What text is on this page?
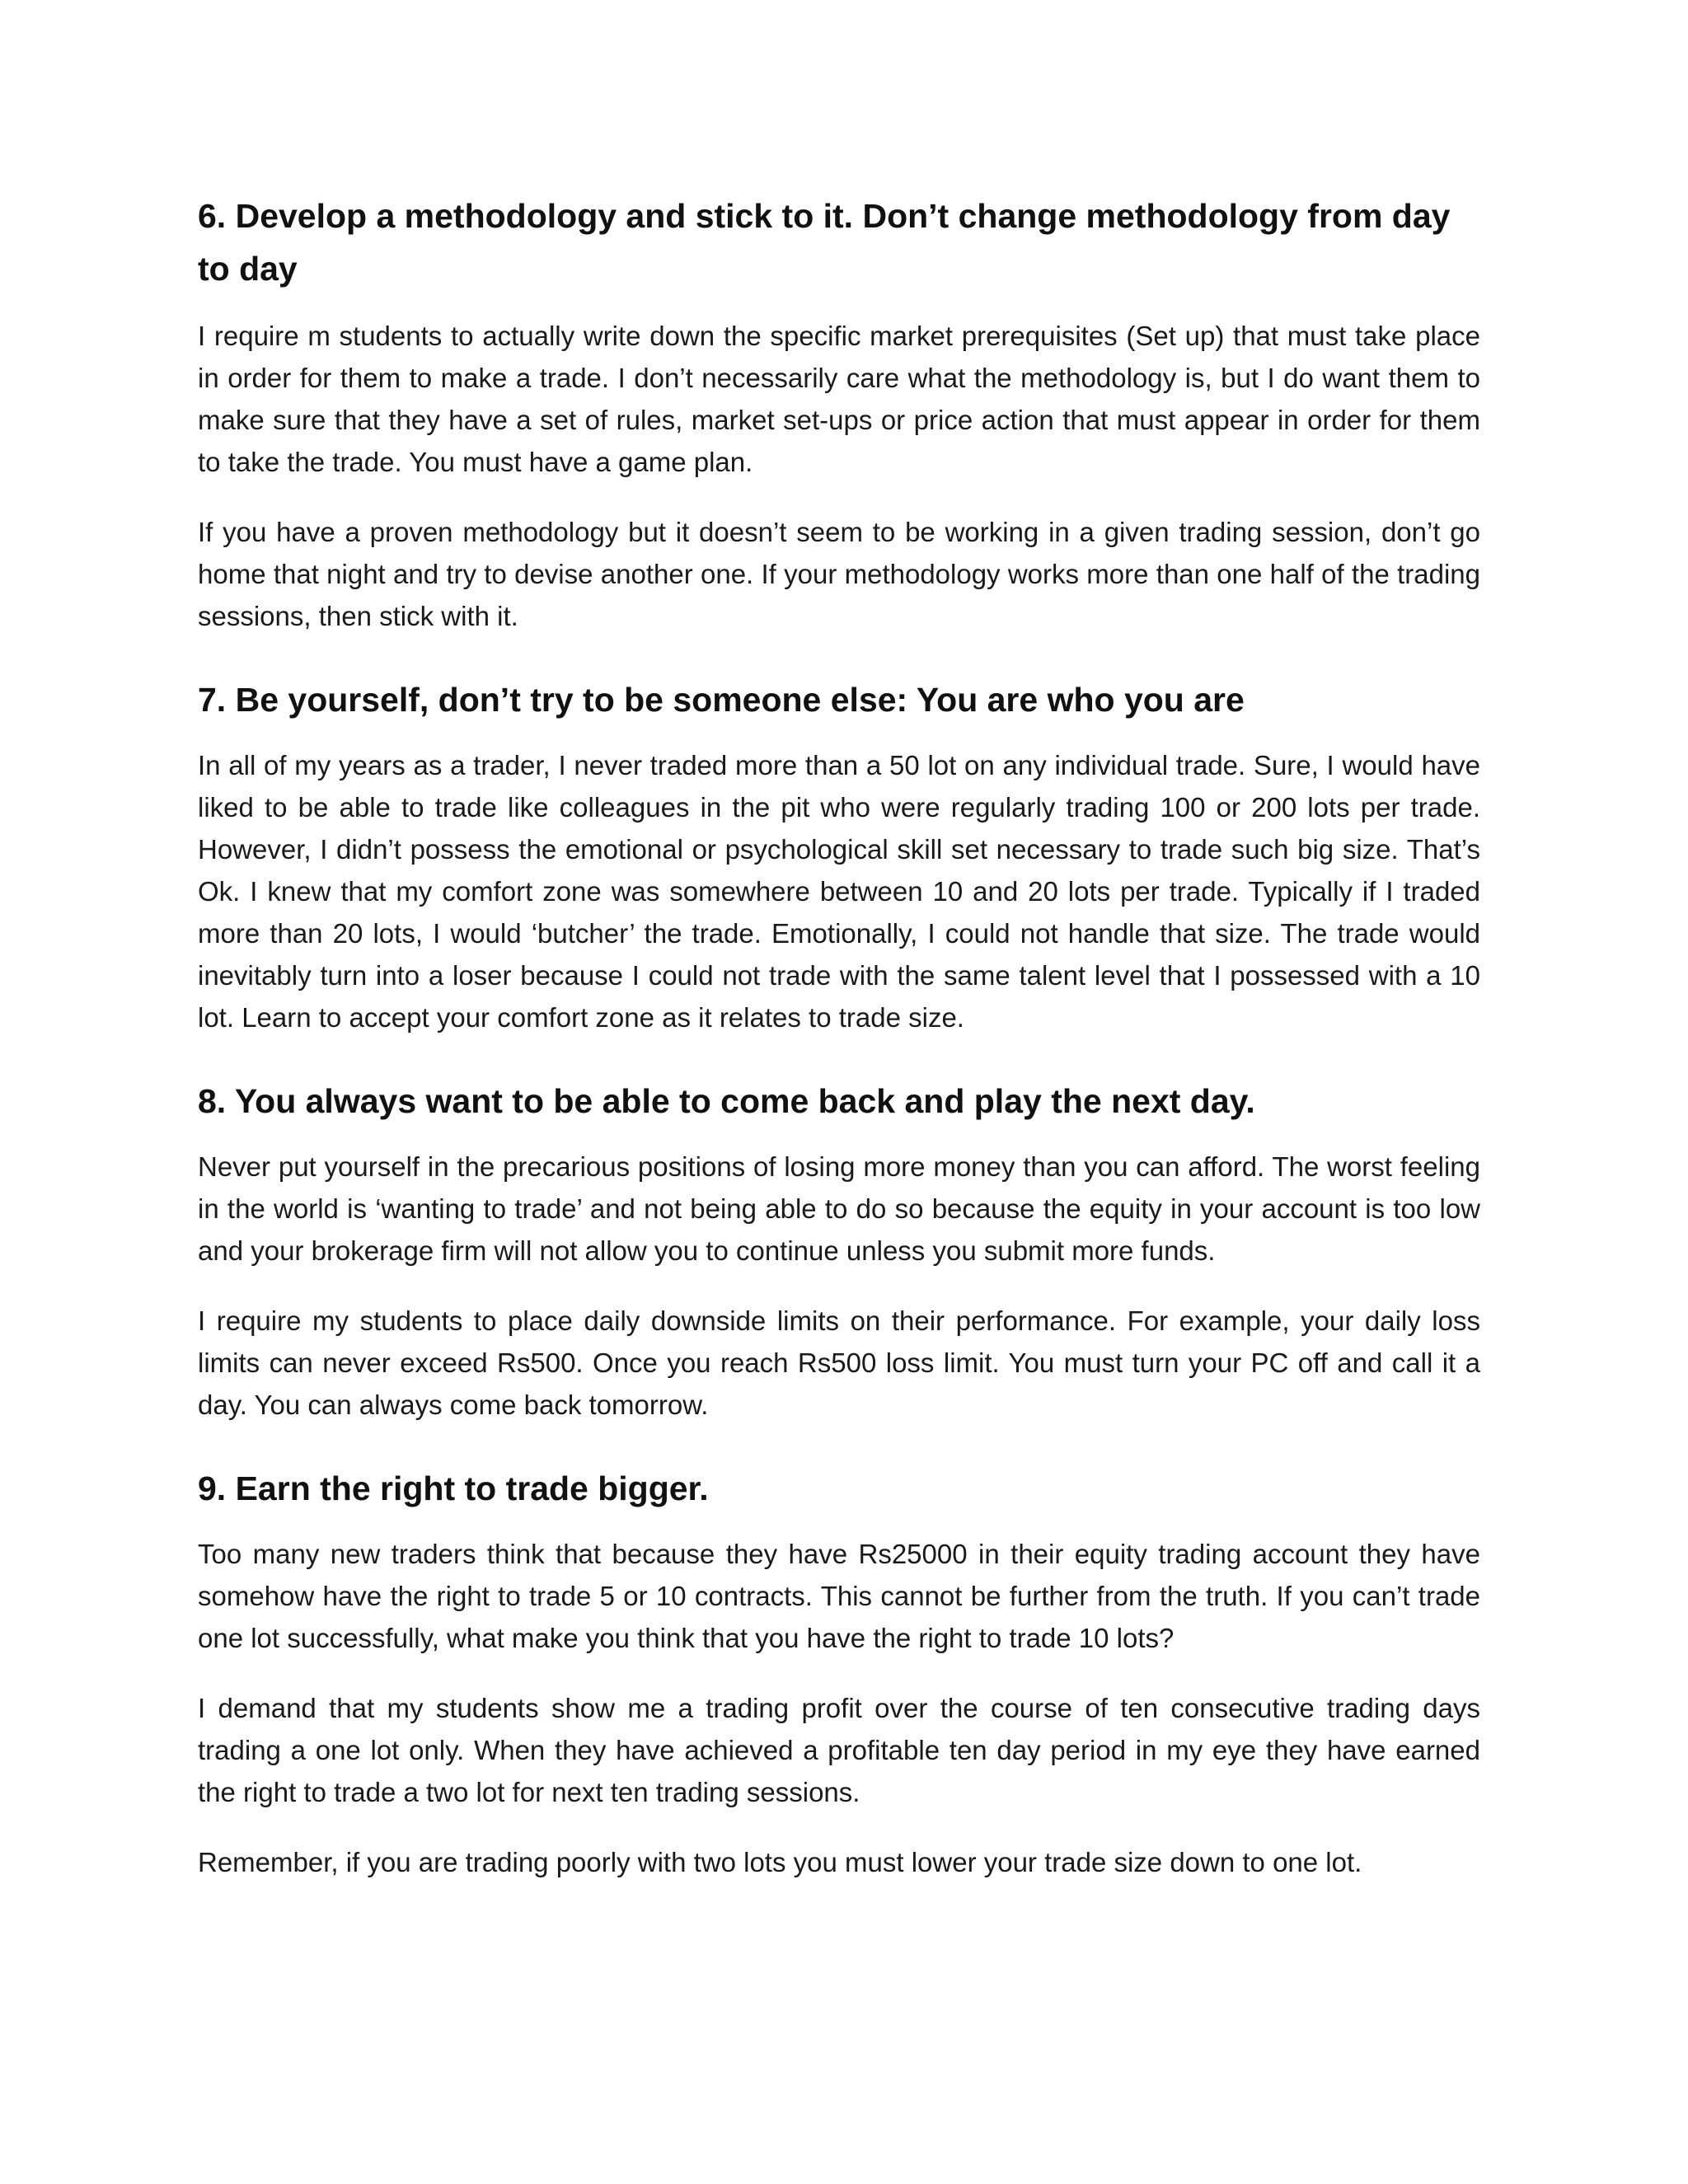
6. Develop a methodology and stick to it. Don’t change methodology from day to day

I require m students to actually write down the specific market prerequisites (Set up) that must take place in order for them to make a trade. I don’t necessarily care what the methodology is, but I do want them to make sure that they have a set of rules, market set-ups or price action that must appear in order for them to take the trade. You must have a game plan.

If you have a proven methodology but it doesn’t seem to be working in a given trading session, don’t go home that night and try to devise another one. If your methodology works more than one half of the trading sessions, then stick with it.

7. Be yourself, don’t try to be someone else: You are who you are

In all of my years as a trader, I never traded more than a 50 lot on any individual trade. Sure, I would have liked to be able to trade like colleagues in the pit who were regularly trading 100 or 200 lots per trade. However, I didn’t possess the emotional or psychological skill set necessary to trade such big size. That’s Ok. I knew that my comfort zone was somewhere between 10 and 20 lots per trade. Typically if I traded more than 20 lots, I would ‘butcher’ the trade. Emotionally, I could not handle that size. The trade would inevitably turn into a loser because I could not trade with the same talent level that I possessed with a 10 lot. Learn to accept your comfort zone as it relates to trade size.

8. You always want to be able to come back and play the next day.

Never put yourself in the precarious positions of losing more money than you can afford. The worst feeling in the world is ‘wanting to trade’ and not being able to do so because the equity in your account is too low and your brokerage firm will not allow you to continue unless you submit more funds.

I require my students to place daily downside limits on their performance. For example, your daily loss limits can never exceed Rs500. Once you reach Rs500 loss limit. You must turn your PC off and call it a day. You can always come back tomorrow.

9. Earn the right to trade bigger.

Too many new traders think that because they have Rs25000 in their equity trading account they have somehow have the right to trade 5 or 10 contracts. This cannot be further from the truth. If you can’t trade one lot successfully, what make you think that you have the right to trade 10 lots?

I demand that my students show me a trading profit over the course of ten consecutive trading days trading a one lot only. When they have achieved a profitable ten day period in my eye they have earned the right to trade a two lot for next ten trading sessions.

Remember, if you are trading poorly with two lots you must lower your trade size down to one lot.
